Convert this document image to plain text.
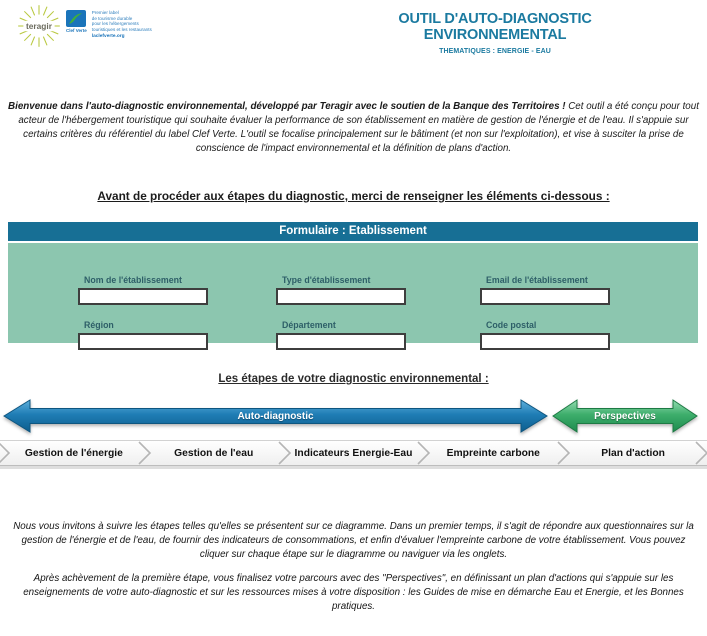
teragir	Clef Verte
Premier label
de tourisme durable
pour les hébergements
touristiques et les restaurants
laclefverte.org
OUTIL D'AUTO-DIAGNOSTIC ENVIRONNEMENTAL
THEMATIQUES : ENERGIE - EAU

Bienvenue dans l'auto-diagnostic environnemental, développé par Teragir avec le soutien de la Banque des Territoires ! Cet outil a été conçu pour tout acteur de l'hébergement touristique qui souhaite évaluer la performance de son établissement en matière de gestion de l'énergie et de l'eau. Il s'appuie sur certains critères du référentiel du label Clef Verte. L'outil se focalise principalement sur le bâtiment (et non sur l'exploitation), et vise à susciter la prise de conscience de l'impact environnemental et la définition de plans d'action.

Avant de procéder aux étapes du diagnostic, merci de renseigner les éléments ci-dessous :
Formulaire : Etablissement
Nom de l'établissement	Type d'établissement	Email de l'établissement
Région	Département	Code postal
Les étapes de votre diagnostic environnemental :
Auto-diagnostic	Perspectives
Gestion de l'énergie	Gestion de l'eau	Indicateurs Energie-Eau	Empreinte carbone	Plan d'action

Nous vous invitons à suivre les étapes telles qu'elles se présentent sur ce diagramme. Dans un premier temps, il s'agit de répondre aux questionnaires sur la gestion de l'énergie et de l'eau, de fournir des indicateurs de consommations, et enfin d'évaluer l'empreinte carbone de votre établissement. Vous pouvez cliquer sur chaque étape sur le diagramme ou naviguer via les onglets.

Après achèvement de la première étape, vous finalisez votre parcours avec des "Perspectives", en définissant un plan d'actions qui s'appuie sur les enseignements de votre auto-diagnostic et sur les ressources mises à votre disposition : les Guides de mise en démarche Eau et Energie, et les Bonnes pratiques.
